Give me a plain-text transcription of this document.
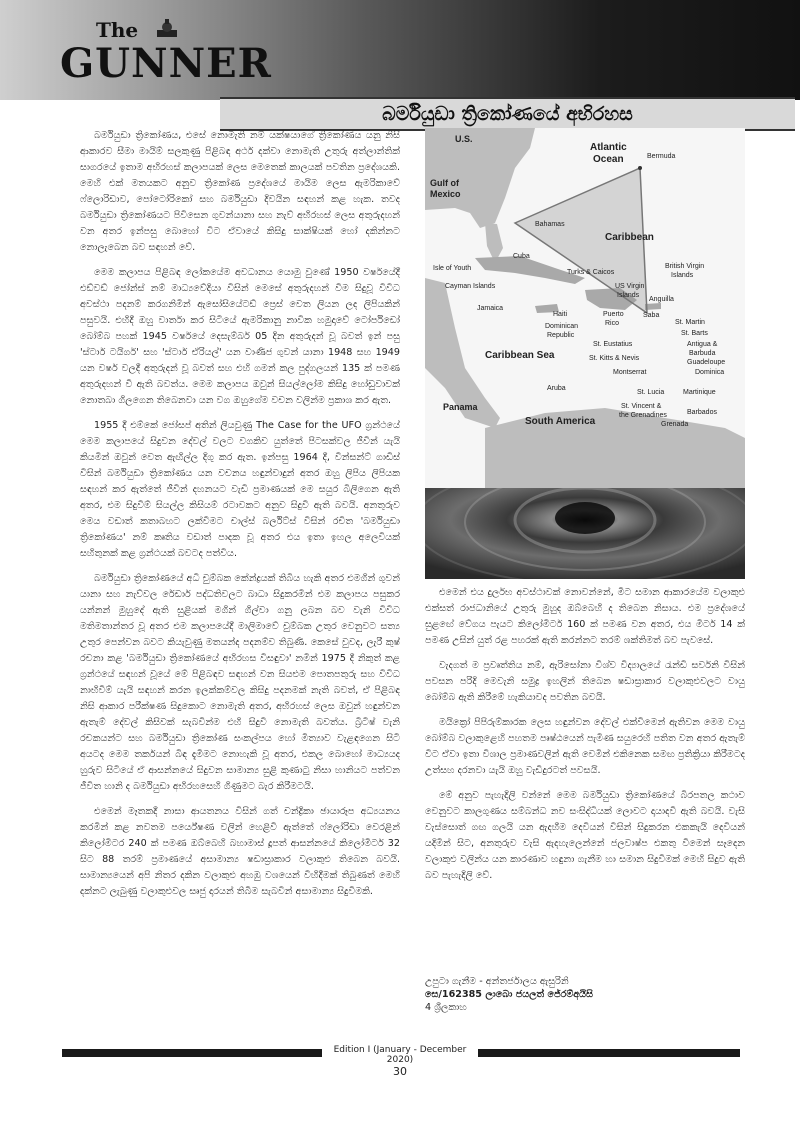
The
GUNNER
බර්මියුඩා ත්‍රිකෝණයේ අභිරහස

බර්මියුඩා ත්‍රිකෝණය, එසේ නොමැති නම් යක්ෂයාගේ ත්‍රිකෝණය යනු නිසි ආකාරව සීමා මායිම් සලකුණු පිළිබඳ අර්ථ දක්වා නොමැති උතුරු අත්ලාන්තික් සාගරයේ ඉතාම අභිරහස් කලාපයක් ලෙස මෙතෙක් කාලයක් පවතින ප්‍රදේශයකි. මෙහි එක් මතයකට අනුව ත්‍රිකෝණ ප්‍රදේශයේ මායිම ලෙස ඇමරිකාවේ ෆ්ලොරිඩාව, පෝටෝරිකෝ සහ බර්මියුඩා දිවයින සඳහන් කළ හැක. තවද බර්මියුඩා ත්‍රිකෝණයට පිවිසෙන ගුවන්යානා සහ නැව් අභිරහස් ලෙස අතුරුදහන් වන අතර ඉන්පසු බොහෝ විට ඒවායේ කිසිදු සාක්ෂියක් හෝ දකින්නට නොලැබෙන බව සඳහන් වේ.

මෙම කලාපය පිළිබඳ ලෝකයේම අවධානය යොමු වුණේ 1950 වර්ෂයේදී එඩ්වඩ් ජෝන්ස් නම් මාධ්‍යවේදියා විසින් මෙසේ අතුරුදහන් වීම සිදුවූ විවිධ අවස්ථා පදනම් කරගනිමින් ඇසෝසියේටඩ් ප්‍රෙස් වෙත ලියන ලද ලිපියකින් පසුවයි. එහිදී ඔහු වාර්තා කර සිටියේ ඇමරිකානු නාවික හමුදාවේ ටෝර්පිඩෝ බෝම්බ පහක් 1945 වර්ෂයේ දෙසැම්බර් 05 දින අතුරුදන් වූ බවත් ඉන් පසු 'ස්ටාර් ටයිගර්' සහ 'ස්ටාර් ඒරියල්' යන වාණිජ ගුවන් යානා 1948 සහ 1949 යන වර්ෂ වලදී අතුරුදන් වූ බවත් සහ එහි ගමන් කල පුද්ගලයන් 135 ක් පමණ අතුරුදහන් වී ඇති බවත්ය. මෙම කලාපය ඔවුන් සියල්ලෝම කිසිදු හෝඩුවාවක් නොතබා ගිලගෙන තිබෙනවා යන වග ඔහුගේම වචන වලින්ම ප්‍රකාශ කර ඇත.

1955 දී එම්කේ ජෝසප් අතින් ලියවුණු The Case for the UFO ග්‍රන්ථයේ මෙම කලාපයේ සිදුවන දේවල් වලට වගකිව යුත්තේ පිටසක්වල ජීවීන් යැයි කියමින් ඔවුන් වෙත ඇඟිල්ල දිගු කර ඇත. ඉන්පසු 1964 දී, වින්සන්ට් ගාඩිස් විසින් බර්මියුඩා ත්‍රිකෝණය යන වචනය හඳුන්වාදුන් අතර ඔහු ලිපිය ලිපියක සඳහන් කර ඇත්තේ ජීවීන් දහනයට වැඩි ප්‍රමාණයක් මෙ සයුර බිලිගෙන ඇති අතර, එම සිදුවීම් සියල්ල කිසියම් රටාවකට අනුව සිදුවී ඇති බවයි. අනතුරුව මෙය වඩාත් කතාබහට ලක්වීමට චාල්ස් බර්ලිට්ස් විසින් රචිත 'බර්මියුඩා ත්‍රිකෝණය' නම් කෘතිය වඩාත් පාදක වූ අතර එය ඉතා ඉහල අලෙවියක් සහිතුනක් කළ ග්‍රන්ථයක් බවටද පත්විය.

බර්මියුඩා ත්‍රිකෝණයේ අධි චුම්බක කේන්ද්‍රයක් තිබිය හැකි අතර එමගින් ගුවන් යානා සහ නැව්වල රේඩාර් පද්ධතිවලට බාධා සිදුකරමින් එම කලාපය පසුකර යන්නන් මුහුදේ ඇති සුළියක් මගින් ගිල්වා ගනු ලබන බව වැනි විවිධ මතිමතාන්තර වූ අතර එම කලාපයේදී මාලිමාවේ චුම්බක උතුර වෙනුවට සත්‍ය උතුර පෙන්වන බවට කියැවුණු මතයන්ද පදනම්ව තිබුණි. කෙසේ වුවද, ලැරී කුෂ් රචනා කළ 'බර්මියුඩා ත්‍රිකෝණයේ අභිරහස විසඳුවා' නමින් 1975 දී නිකුත් කළ ග්‍රන්ථයේ සඳහන් වූයේ මේ පිළිබඳව සඳහන් වන සියළුම පොතපතුරු සහ විවිධ නාභිවීම් යැයි සඳහන් කරන ඉලක්කම්වල කිසිදු පදනමක් නැති බවත්, ඒ පිළිබඳ නිසි ආකාර පරීක්ෂණ සිදුකොට නොමැති අතර, අභිරහස් ලෙස ඔවුන් හඳුන්වන ඇතැම් දේවල් කිසිවක් සැබවින්ම එහි සිදුවී නොමැති බවත්ය. බ්‍රිටිෂ් වැනි රචකයන්ට සහ බර්මියුඩා ත්‍රිකෝණ සංකල්පය හෝ මිත්‍යාව වැළඳගෙන සිටි අයටද මෙම තර්කයන් බිඳ දැමීමට නොහැකි වූ අතර, එකල බොහෝ මාධ්‍යයද හුරුව සිටියේ ඒ ආසන්නයේ සිදුවන සාමාන්‍ය සුළි කුණාටු නිසා හානියට පත්වන ජීවිත හානි ද බර්මියුඩා අභිරහසෙහි ගිණුමට බැර කිරීමටයි.

එමෙන් මෑතකදී නාසා ආයතනය විසින් ගත් චන්ද්‍රිකා ඡායාරූප අධ්‍යයනය කරමින් කළ නවතම පර්යේෂණ වලින් හෙළිවී ඇත්තේ ෆ්ලෝරිඩා වෙරළින් කිලෝමීටර 240 ක් පමණ ඔබ්බෙහි බහාමාස් දූපත් ආසන්නයේ කිලෝමීටර් 32 සිට 88 තරම් ප්‍රමාණයේ අසාමාන්‍ය ෂඩාස්‍රාකාර වලාකුළු තිබෙන බවයි. සාමාන්‍යයෙන් අපි නිතර දකින වලාකුළු අහඹු වශයෙන් විහිදීමක් තිබුණත් මෙහි දක්නට ලැබුණු වලාකුළුවල සෘජු දාරයන් තිබීම සැබවින් අසාමාන්‍ය සිදුවීමකි.

U.S.
Atlantic
Ocean	Bermuda
Gulf of
Mexico
Bahamas
Caribbean
Cuba
Isle of Youth
Cayman Islands
Turks & Caicos
British Virgin
Islands
US Virgin
Islands
Anguilla
Jamaica
Haiti	Puerto
Rico
Saba
Dominican
Republic
St. Martin
St. Barts
St. Eustatius	Antigua &
Barbuda
Guadeloupe
Caribbean Sea	St. Kitts & Nevis
Montserrat	Dominica
Aruba
St. Lucia	Martinique
Panama	St. Vincent &
the Grenadines	Barbados
South America	Grenada

එමෙන් එය දුර්ලභ අවස්ථාවක් නොවන්නේ, මීට සමාන ආකාරයේම වලාකුළු එක්සත් රාජධානියේ උතුරු මුහුද ඔබ්බෙහි ද තිබෙන නිසාය. එම ප්‍රදේශයේ සුළඟේ වේගය පැයට කිලෝමීටර් 160 ක් පමණ වන අතර, එය මීටර් 14 ක් පමණ උසින් යුත් රළ පහරක් ඇති කරන්නට තරම් ශක්තිමත් බව පැවසේ.

වැදගත් ම ප්‍රවෘත්තිය නම්, ඇරිසෝනා විශ්ව විද්‍යාලයේ රැන්ඩි සර්වනි විසින් පවසන පරිදි මෙවැනි සමුද්‍ර ඉහලින් තිබෙන ෂඩාස්‍රාකාර වලාකුළුවලට වායු බෝම්බ ඇති කිරීමේ හැකියාවද පවතින බවයි.

මයික්‍රෝ පිපිරුම්කාරක ලෙස හඳුන්වන දේවල් එක්වීමෙන් ඇතිවන මෙම වායු බෝම්බ වලාකුළෙහි පහතම පෘෂ්ඨයෙන් පැමිණ සයුරෙහි පතිත වන අතර ඇතැම් විට ඒවා ඉතා විශාල ප්‍රමාණවලින් ඇති වෙමින් එකිනෙක සමඟ ප්‍රතික්‍රියා කිරීමටද උත්සහ දරනවා යැයි ඔහු වැඩිදුරටත් පවසයි.

මේ අනුව පැහැදිලි වන්නේ මෙම බර්මියුඩා ත්‍රිකෝණයේ බිරපතල කථාව වෙනුවට කාලගුණය සම්බන්ධ නව සංසිද්ධියක් ලොවට දායාදවී ඇති බවයි. වැසි වැස්සොත් ගඟ ගලයි යන ඇදහීම දෙවියන් විසින් සිදුකරන එකකැයි දෙවියන් යදිමින් සිට, අනතුරුව වැසි ඇදහැලෙන්නේ ජලවාෂ්ප එකතු වීමෙන් සෑදෙන වලාකුළු වලින්ය යන කාරණාව හඳුනා ගැනීම හා සමාන සිදුවීමක් මෙහි සිදුව ඇති බව පැහැදිලි වේ.

උපුටා ගැනීම - අන්තර්ජාලය ඇසුරිනි
සෙ/162385 ලාබො ජයලත් ජේරම්අයිසි
4 ශ්‍රීලකාහ
Edition I (January - December 2020)
30
